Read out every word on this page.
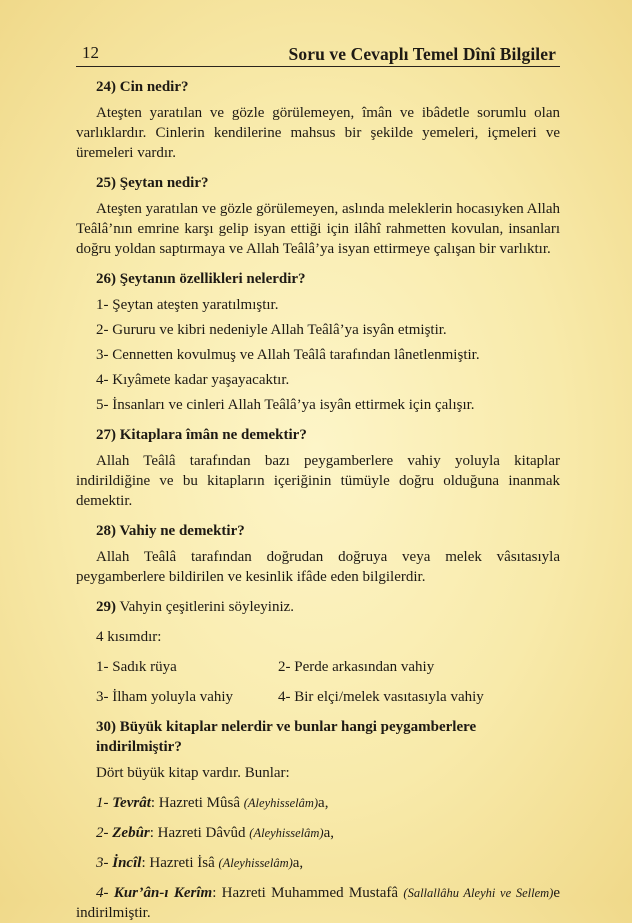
12	Soru ve Cevaplı Temel Dînî Bilgiler

24) Cin nedir?

Ateşten yaratılan ve gözle görülemeyen, îmân ve ibâdetle sorumlu olan varlıklardır. Cinlerin kendilerine mahsus bir şekilde yemeleri, içmeleri ve üremeleri vardır.

25) Şeytan nedir?

Ateşten yaratılan ve gözle görülemeyen, aslında meleklerin hocasıyken Allah Teâlâ’nın emrine karşı gelip isyan ettiği için ilâhî rahmetten kovulan, insanları doğru yoldan saptırmaya ve Allah Teâlâ’ya isyan ettirmeye çalışan bir varlıktır.

26) Şeytanın özellikleri nelerdir?

1- Şeytan ateşten yaratılmıştır.

2- Gururu ve kibri nedeniyle Allah Teâlâ’ya isyân etmiştir.

3- Cennetten kovulmuş ve Allah Teâlâ tarafından lânetlenmiştir.

4- Kıyâmete kadar yaşayacaktır.

5- İnsanları ve cinleri Allah Teâlâ’ya isyân ettirmek için çalışır.

27) Kitaplara îmân ne demektir?

Allah Teâlâ tarafından bazı peygamberlere vahiy yoluyla kitaplar indirildiğine ve bu kitapların içeriğinin tümüyle doğru olduğuna inanmak demektir.

28) Vahiy ne demektir?

Allah Teâlâ tarafından doğrudan doğruya veya melek vâsıtasıyla peygamberlere bildirilen ve kesinlik ifâde eden bilgilerdir.

29) Vahyin çeşitlerini söyleyiniz.

4 kısımdır:

1- Sadık rüya	2- Perde arkasından vahiy
3- İlham yoluyla vahiy	4- Bir elçi/melek vasıtasıyla vahiy

30) Büyük kitaplar nelerdir ve bunlar hangi peygamberlere indirilmiştir?

Dört büyük kitap vardır. Bunlar:

1- Tevrât: Hazreti Mûsâ (Aleyhisselâm)a,

2- Zebûr: Hazreti Dâvûd (Aleyhisselâm)a,

3- İncîl: Hazreti İsâ (Aleyhisselâm)a,

4- Kur’ân-ı Kerîm: Hazreti Muhammed Mustafâ (Sallallâhu Aleyhi ve Sellem)e indirilmiştir.
